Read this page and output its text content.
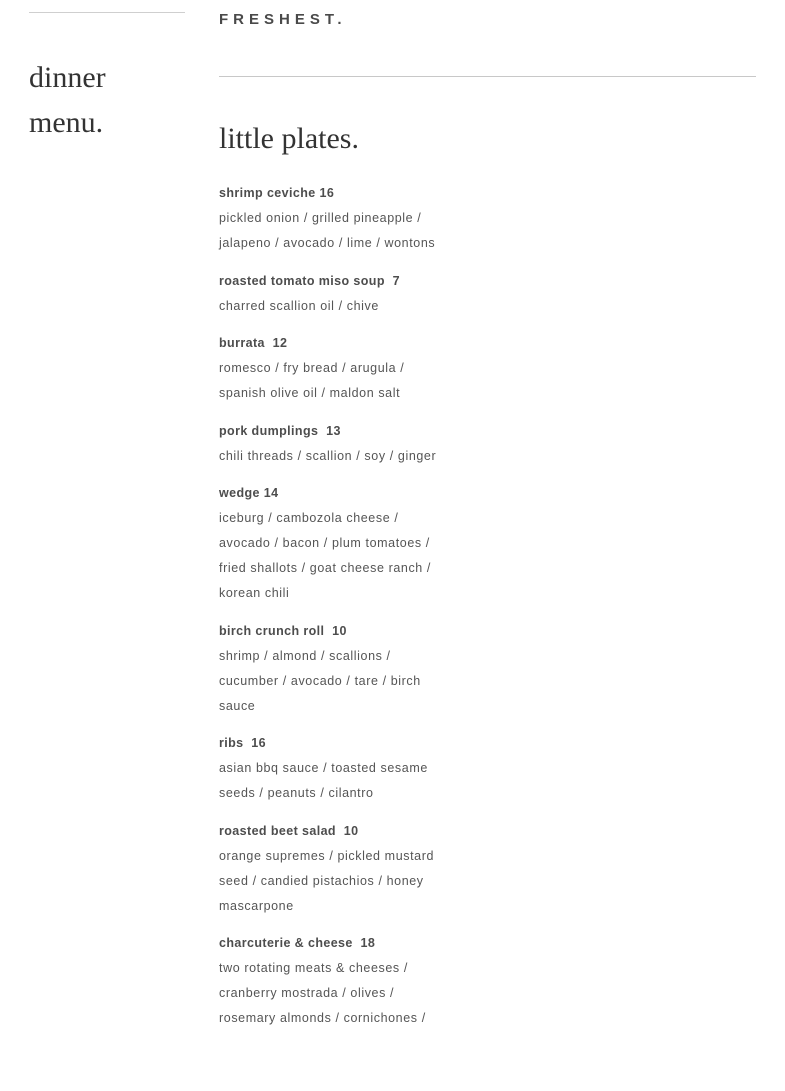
dinner
menu.
FRESHEST.
little plates.
shrimp ceviche 16
pickled onion / grilled pineapple / jalapeno / avocado / lime / wontons
roasted tomato miso soup  7
charred scallion oil / chive
burrata  12
romesco / fry bread / arugula / spanish olive oil / maldon salt
pork dumplings  13
chili threads / scallion / soy / ginger
wedge 14
iceburg / cambozola cheese / avocado / bacon / plum tomatoes / fried shallots / goat cheese ranch / korean chili
birch crunch roll  10
shrimp / almond / scallions / cucumber / avocado / tare / birch sauce
ribs  16
asian bbq sauce / toasted sesame seeds / peanuts / cilantro
roasted beet salad  10
orange supremes / pickled mustard seed / candied pistachios / honey mascarpone
charcuterie & cheese  18
two rotating meats & cheeses / cranberry mostrada / olives / rosemary almonds / cornichones /
